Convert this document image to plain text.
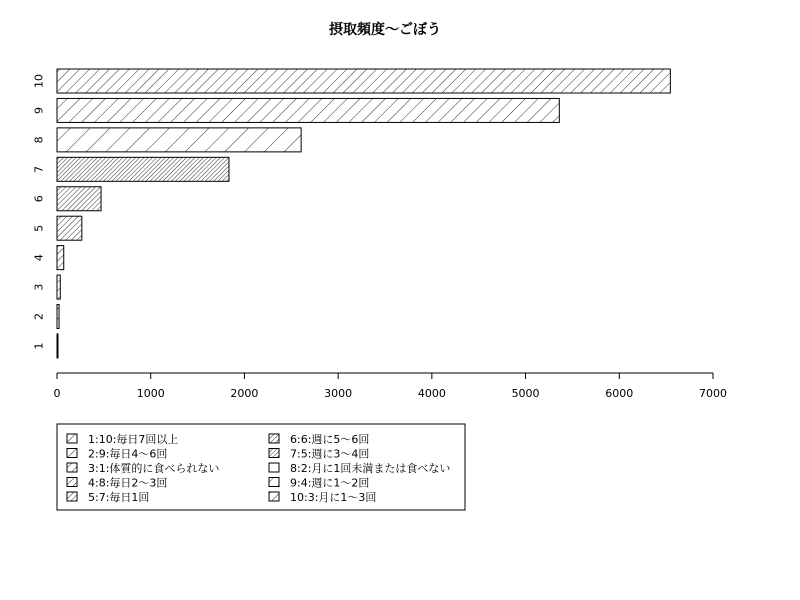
摂取頻度～ごぼう
1
2
3
4
5
6
7
8
9
10
0	1000	2000	3000	4000	5000	6000	7000
1:10:毎日7回以上
2:9:毎日4～6回
3:1:体質的に食べられない
4:8:毎日2～3回
5:7:毎日1回
6:6:週に5～6回
7:5:週に3～4回
8:2:月に1回未満または食べない
9:4:週に1～2回
10:3:月に1～3回
